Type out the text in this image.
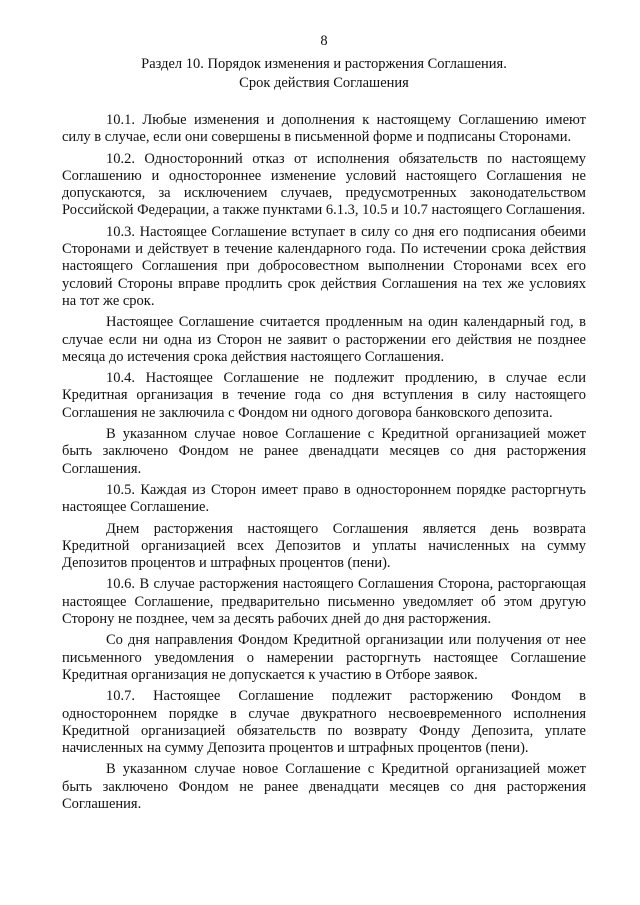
8
Раздел 10. Порядок изменения и расторжения Соглашения.
Срок действия Соглашения

10.1. Любые изменения и дополнения к настоящему Соглашению имеют силу в случае, если они совершены в письменной форме и подписаны Сторонами.

10.2. Односторонний отказ от исполнения обязательств по настоящему Соглашению и одностороннее изменение условий настоящего Соглашения не допускаются, за исключением случаев, предусмотренных законодательством Российской Федерации, а также пунктами 6.1.3, 10.5 и 10.7 настоящего Соглашения.

10.3. Настоящее Соглашение вступает в силу со дня его подписания обеими Сторонами и действует в течение календарного года. По истечении срока действия настоящего Соглашения при добросовестном выполнении Сторонами всех его условий Стороны вправе продлить срок действия Соглашения на тех же условиях на тот же срок.

Настоящее Соглашение считается продленным на один календарный год, в случае если ни одна из Сторон не заявит о расторжении его действия не позднее месяца до истечения срока действия настоящего Соглашения.

10.4. Настоящее Соглашение не подлежит продлению, в случае если Кредитная организация в течение года со дня вступления в силу настоящего Соглашения не заключила с Фондом ни одного договора банковского депозита.

В указанном случае новое Соглашение с Кредитной организацией может быть заключено Фондом не ранее двенадцати месяцев со дня расторжения Соглашения.

10.5. Каждая из Сторон имеет право в одностороннем порядке расторгнуть настоящее Соглашение.

Днем расторжения настоящего Соглашения является день возврата Кредитной организацией всех Депозитов и уплаты начисленных на сумму Депозитов процентов и штрафных процентов (пени).

10.6. В случае расторжения настоящего Соглашения Сторона, расторгающая настоящее Соглашение, предварительно письменно уведомляет об этом другую Сторону не позднее, чем за десять рабочих дней до дня расторжения.

Со дня направления Фондом Кредитной организации или получения от нее письменного уведомления о намерении расторгнуть настоящее Соглашение Кредитная организация не допускается к участию в Отборе заявок.

10.7. Настоящее Соглашение подлежит расторжению Фондом в одностороннем порядке в случае двукратного несвоевременного исполнения Кредитной организацией обязательств по возврату Фонду Депозита, уплате начисленных на сумму Депозита процентов и штрафных процентов (пени).

В указанном случае новое Соглашение с Кредитной организацией может быть заключено Фондом не ранее двенадцати месяцев со дня расторжения Соглашения.
